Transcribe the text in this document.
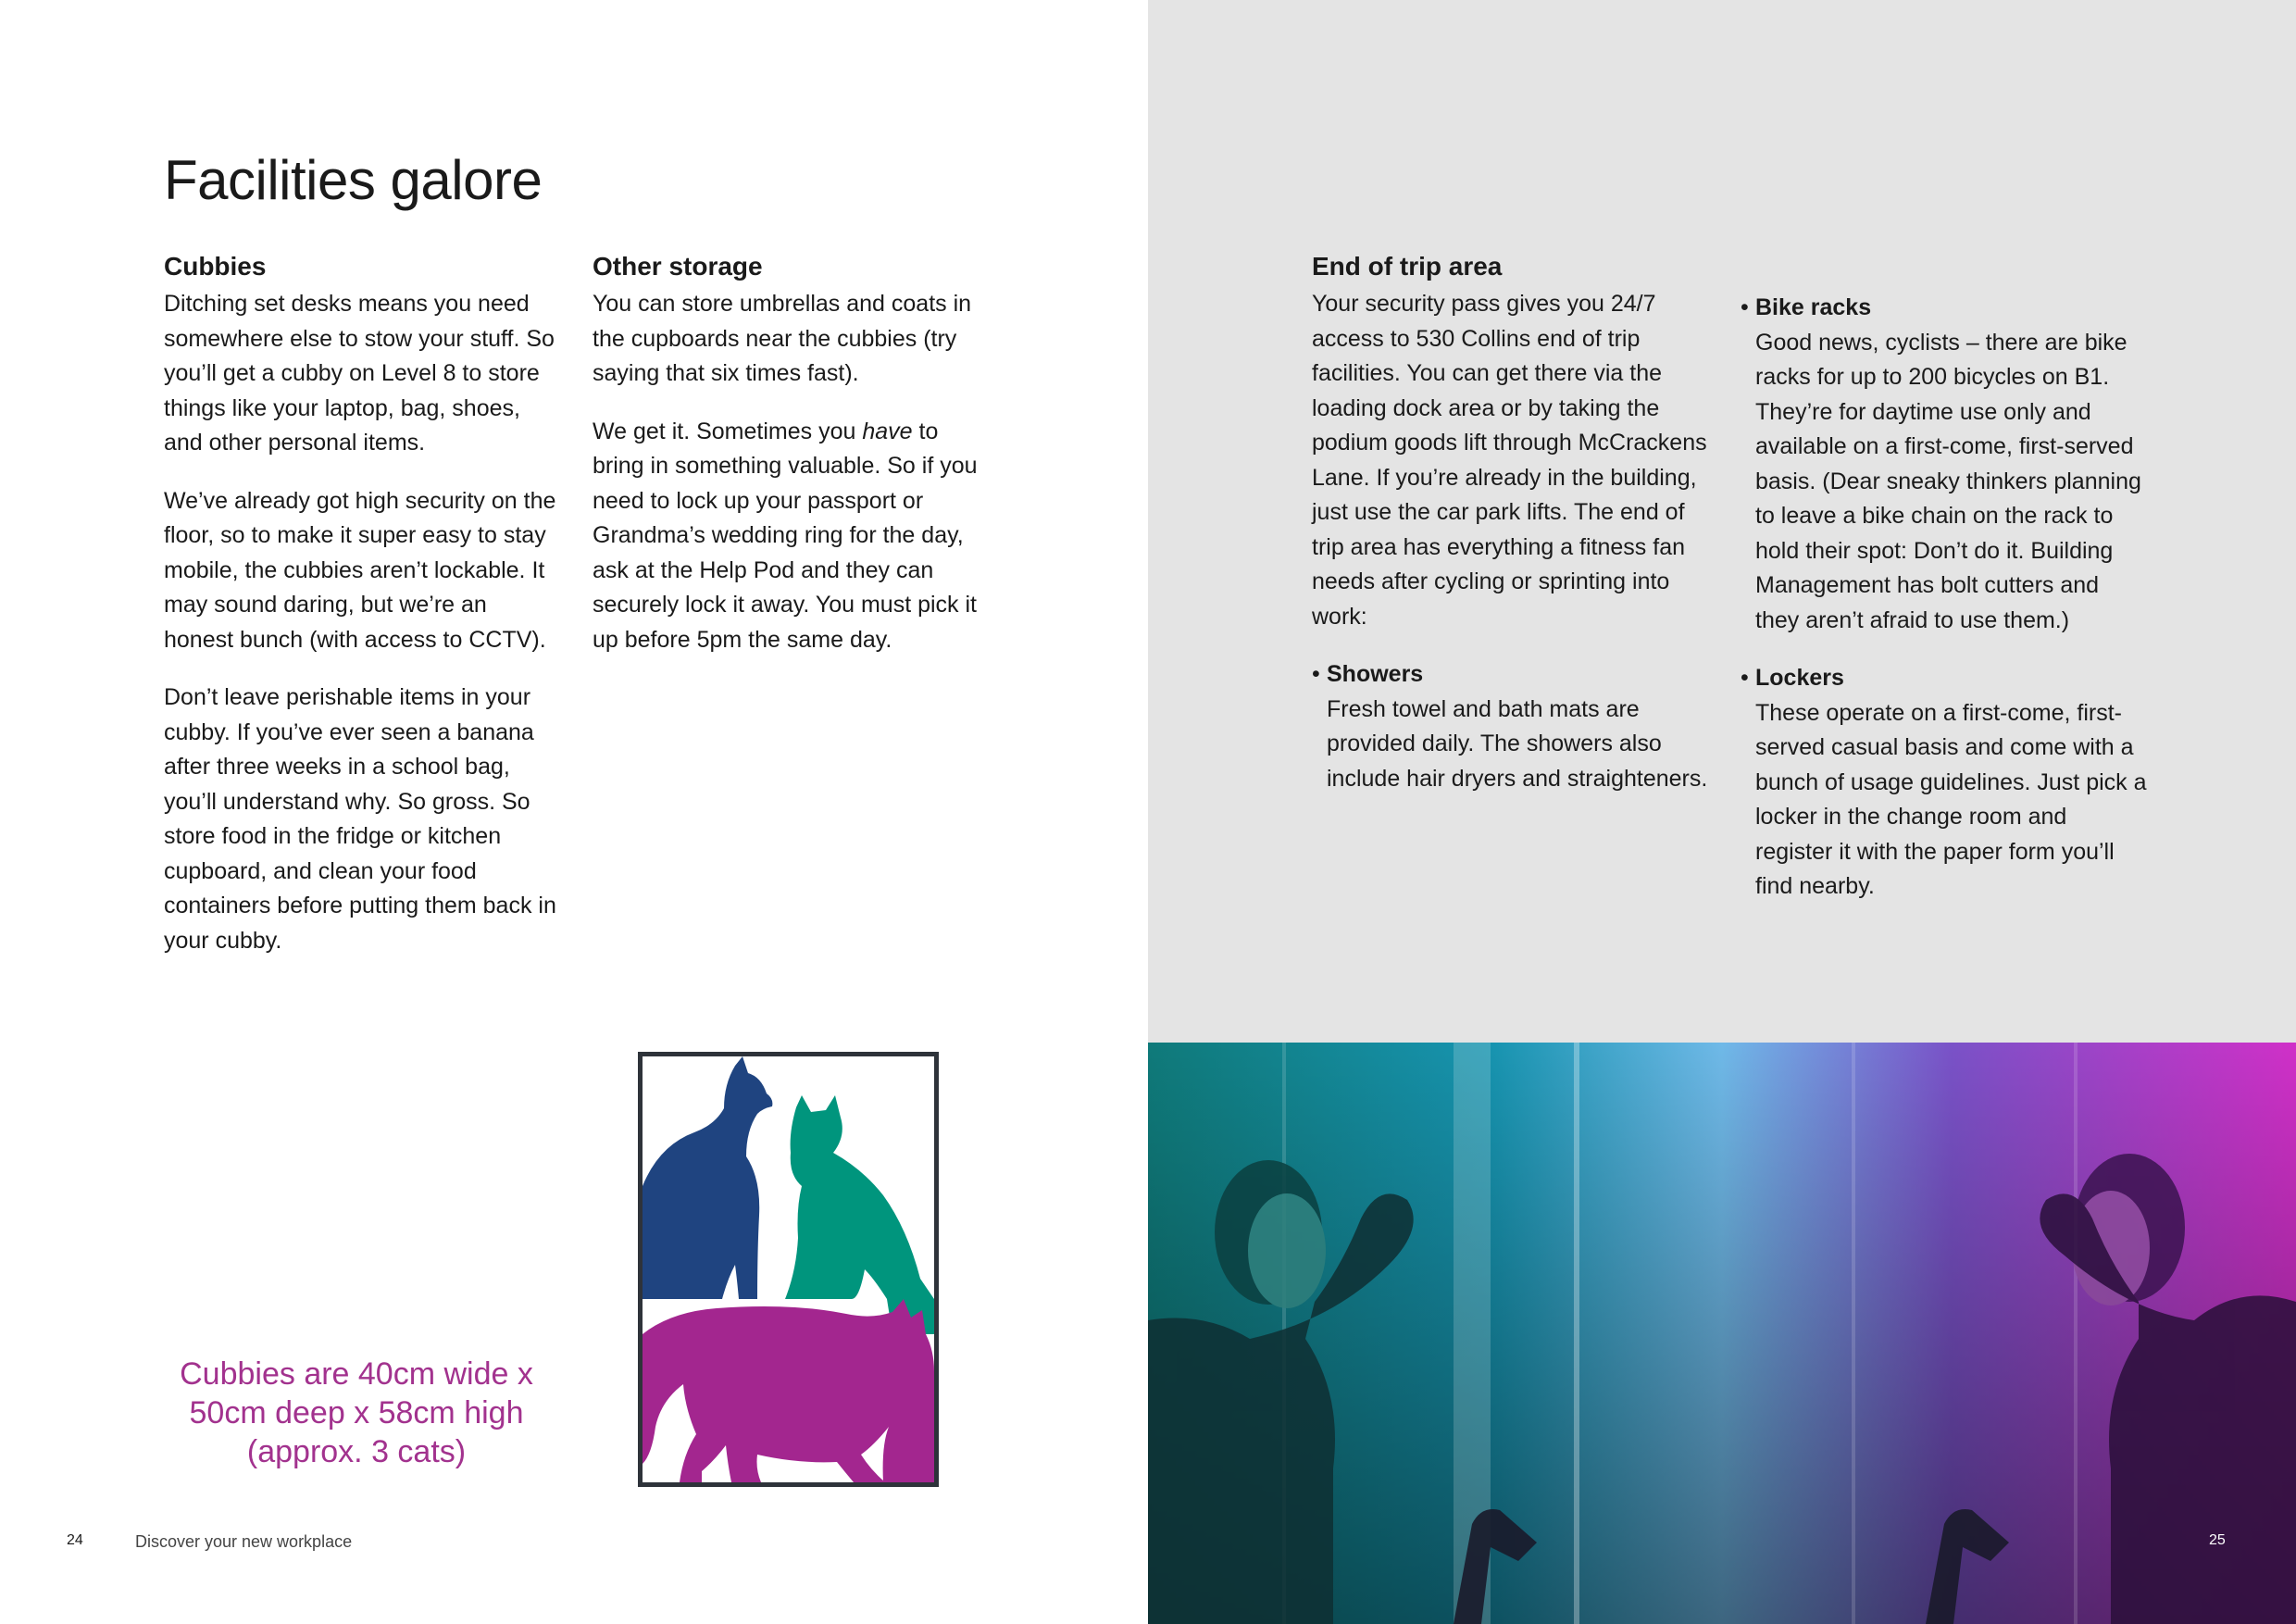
Facilities galore
Cubbies

Ditching set desks means you need somewhere else to stow your stuff. So you’ll get a cubby on Level 8 to store things like your laptop, bag, shoes, and other personal items.

We’ve already got high security on the floor, so to make it super easy to stay mobile, the cubbies aren’t lockable. It may sound daring, but we’re an honest bunch (with access to CCTV).

Don’t leave perishable items in your cubby. If you’ve ever seen a banana after three weeks in a school bag, you’ll understand why. So gross. So store food in the fridge or kitchen cupboard, and clean your food containers before putting them back in your cubby.

Other storage

You can store umbrellas and coats in the cupboards near the cubbies (try saying that six times fast).

We get it. Sometimes you have to bring in something valuable. So if you need to lock up your passport or Grandma’s wedding ring for the day, ask at the Help Pod and they can securely lock it away. You must pick it up before 5pm the same day.

Cubbies are 40cm wide x 50cm deep x 58cm high (approx. 3 cats)
24	Discover your new workplace
End of trip area

Your security pass gives you 24/7 access to 530 Collins end of trip facilities. You can get there via the loading dock area or by taking the podium goods lift through McCrackens Lane. If you’re already in the building, just use the car park lifts. The end of trip area has everything a fitness fan needs after cycling or sprinting into work:

• Showers
Fresh towel and bath mats are provided daily. The showers also include hair dryers and straighteners.
• Bike racks
Good news, cyclists – there are bike racks for up to 200 bicycles on B1. They’re for daytime use only and available on a first-come, first-served basis. (Dear sneaky thinkers planning to leave a bike chain on the rack to hold their spot: Don’t do it. Building Management has bolt cutters and they aren’t afraid to use them.)
• Lockers
These operate on a first-come, first-served casual basis and come with a bunch of usage guidelines. Just pick a locker in the change room and register it with the paper form you’ll find nearby.
25
